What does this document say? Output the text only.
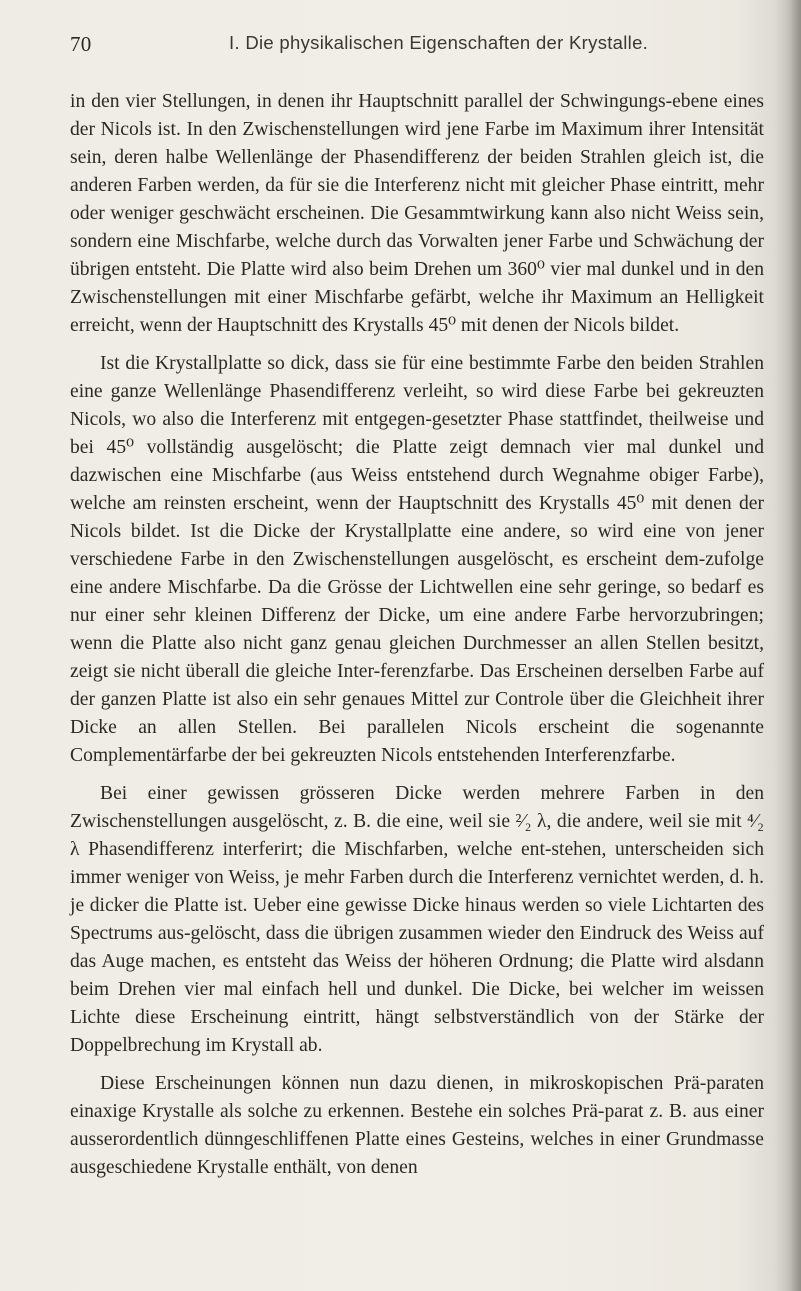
70	I. Die physikalischen Eigenschaften der Krystalle.

in den vier Stellungen, in denen ihr Hauptschnitt parallel der Schwingungs-ebene eines der Nicols ist. In den Zwischenstellungen wird jene Farbe im Maximum ihrer Intensität sein, deren halbe Wellenlänge der Phasendifferenz der beiden Strahlen gleich ist, die anderen Farben werden, da für sie die Interferenz nicht mit gleicher Phase eintritt, mehr oder weniger geschwächt erscheinen. Die Gesammtwirkung kann also nicht Weiss sein, sondern eine Mischfarbe, welche durch das Vorwalten jener Farbe und Schwächung der übrigen entsteht. Die Platte wird also beim Drehen um 360⁰ vier mal dunkel und in den Zwischenstellungen mit einer Mischfarbe gefärbt, welche ihr Maximum an Helligkeit erreicht, wenn der Hauptschnitt des Krystalls 45⁰ mit denen der Nicols bildet.

Ist die Krystallplatte so dick, dass sie für eine bestimmte Farbe den beiden Strahlen eine ganze Wellenlänge Phasendifferenz verleiht, so wird diese Farbe bei gekreuzten Nicols, wo also die Interferenz mit entgegen-gesetzter Phase stattfindet, theilweise und bei 45⁰ vollständig ausgelöscht; die Platte zeigt demnach vier mal dunkel und dazwischen eine Mischfarbe (aus Weiss entstehend durch Wegnahme obiger Farbe), welche am reinsten erscheint, wenn der Hauptschnitt des Krystalls 45⁰ mit denen der Nicols bildet. Ist die Dicke der Krystallplatte eine andere, so wird eine von jener verschiedene Farbe in den Zwischenstellungen ausgelöscht, es erscheint dem-zufolge eine andere Mischfarbe. Da die Grösse der Lichtwellen eine sehr geringe, so bedarf es nur einer sehr kleinen Differenz der Dicke, um eine andere Farbe hervorzubringen; wenn die Platte also nicht ganz genau gleichen Durchmesser an allen Stellen besitzt, zeigt sie nicht überall die gleiche Inter-ferenzfarbe. Das Erscheinen derselben Farbe auf der ganzen Platte ist also ein sehr genaues Mittel zur Controle über die Gleichheit ihrer Dicke an allen Stellen. Bei parallelen Nicols erscheint die sogenannte Complementärfarbe der bei gekreuzten Nicols entstehenden Interferenzfarbe.

Bei einer gewissen grösseren Dicke werden mehrere Farben in den Zwischenstellungen ausgelöscht, z. B. die eine, weil sie ²⁄₂ λ, die andere, weil sie mit ⁴⁄₂ λ Phasendifferenz interferirt; die Mischfarben, welche ent-stehen, unterscheiden sich immer weniger von Weiss, je mehr Farben durch die Interferenz vernichtet werden, d. h. je dicker die Platte ist. Ueber eine gewisse Dicke hinaus werden so viele Lichtarten des Spectrums aus-gelöscht, dass die übrigen zusammen wieder den Eindruck des Weiss auf das Auge machen, es entsteht das Weiss der höheren Ordnung; die Platte wird alsdann beim Drehen vier mal einfach hell und dunkel. Die Dicke, bei welcher im weissen Lichte diese Erscheinung eintritt, hängt selbstverständlich von der Stärke der Doppelbrechung im Krystall ab.

Diese Erscheinungen können nun dazu dienen, in mikroskopischen Prä-paraten einaxige Krystalle als solche zu erkennen. Bestehe ein solches Prä-parat z. B. aus einer ausserordentlich dünngeschliffenen Platte eines Gesteins, welches in einer Grundmasse ausgeschiedene Krystalle enthält, von denen
